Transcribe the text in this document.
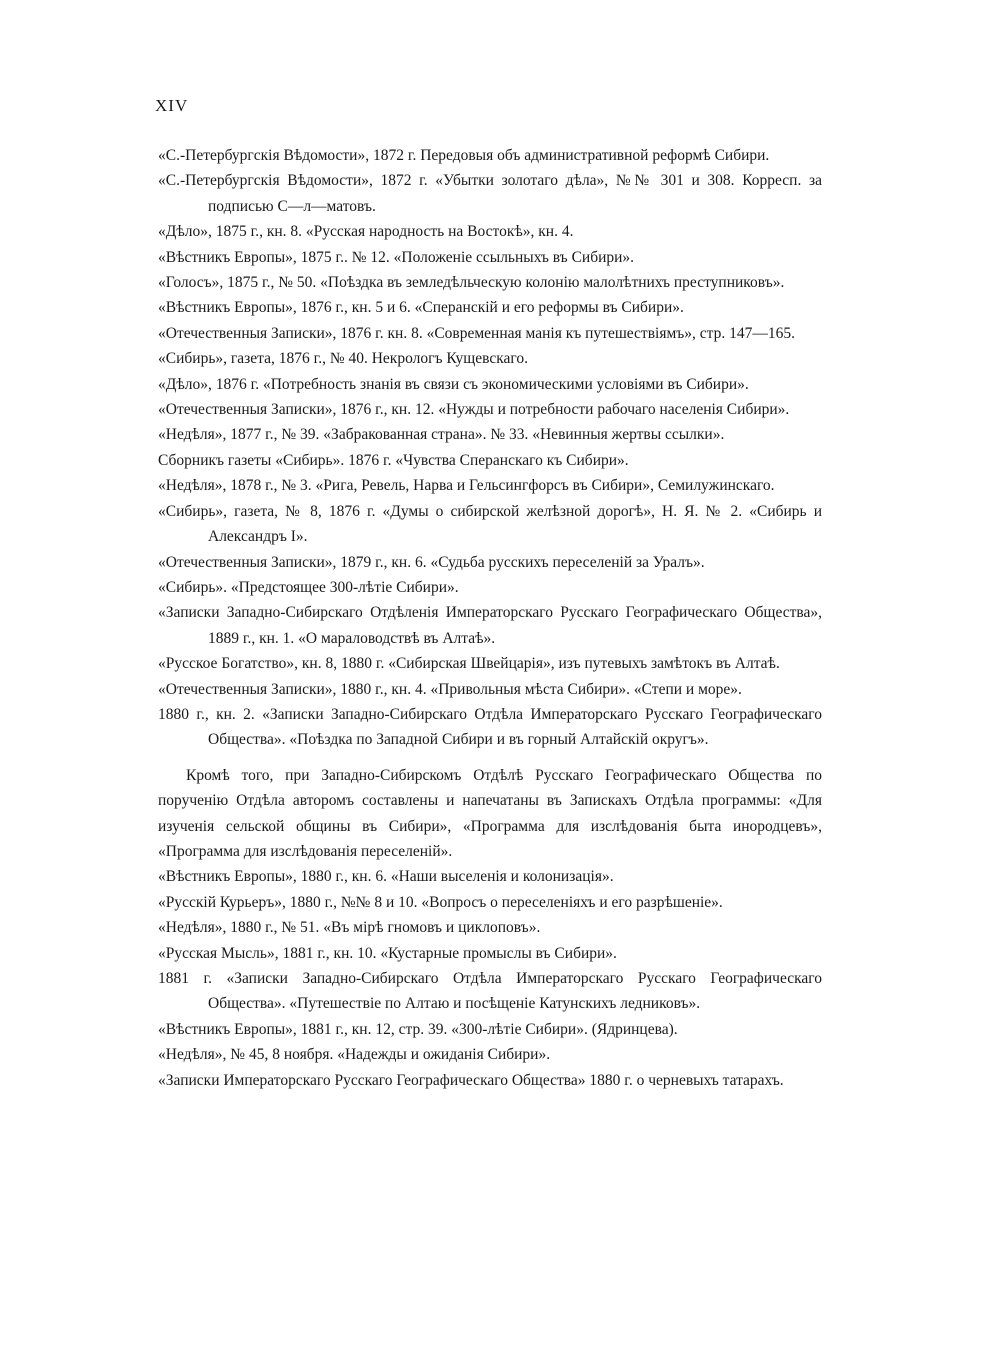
XIV

«С.-Петербургскія Вѣдомости», 1872 г. Передовыя объ административной реформѣ Сибири.

«С.-Петербургскія Вѣдомости», 1872 г. «Убытки золотаго дѣла», №№ 301 и 308. Корресп. за подписью С—л—матовъ.

«Дѣло», 1875 г., кн. 8. «Русская народность на Востокѣ», кн. 4.

«Вѣстникъ Европы», 1875 г.. № 12. «Положеніе ссыльныхъ въ Сибири».

«Голосъ», 1875 г., № 50. «Поѣздка въ земледѣльческую колонію малолѣтнихъ преступниковъ».

«Вѣстникъ Европы», 1876 г., кн. 5 и 6. «Сперанскій и его реформы въ Сибири».

«Отечественныя Записки», 1876 г. кн. 8. «Современная манія къ путешествіямъ», стр. 147—165.

«Сибирь», газета, 1876 г., № 40. Некрологъ Кущевскаго.

«Дѣло», 1876 г. «Потребность знанія въ связи съ экономическими условіями въ Сибири».

«Отечественныя Записки», 1876 г., кн. 12. «Нужды и потребности рабочаго населенія Сибири».

«Недѣля», 1877 г., № 39. «Забракованная страна». № 33. «Невинныя жертвы ссылки».

Сборникъ газеты «Сибирь». 1876 г. «Чувства Сперанскаго къ Сибири».

«Недѣля», 1878 г., № 3. «Рига, Ревель, Нарва и Гельсингфорсъ въ Сибири», Семилужинскаго.

«Сибирь», газета, № 8, 1876 г. «Думы о сибирской желѣзной дорогѣ», Н. Я. № 2. «Сибирь и Александръ I».

«Отечественныя Записки», 1879 г., кн. 6. «Судьба русскихъ переселеній за Уралъ».

«Сибирь». «Предстоящее 300-лѣтіе Сибири».

«Записки Западно-Сибирскаго Отдѣленія Императорскаго Русскаго Географическаго Общества», 1889 г., кн. 1. «О мараловодствѣ въ Алтаѣ».

«Русское Богатство», кн. 8, 1880 г. «Сибирская Швейцарія», изъ путевыхъ замѣтокъ въ Алтаѣ.

«Отечественныя Записки», 1880 г., кн. 4. «Привольныя мѣста Сибири». «Степи и море».

1880 г., кн. 2. «Записки Западно-Сибирскаго Отдѣла Императорскаго Русскаго Географическаго Общества». «Поѣздка по Западной Сибири и въ горный Алтайскій округъ».

Кромѣ того, при Западно-Сибирскомъ Отдѣлѣ Русскаго Географическаго Общества по порученію Отдѣла авторомъ составлены и напечатаны въ Запискахъ Отдѣла программы: «Для изученія сельской общины въ Сибири», «Программа для изслѣдованія быта инородцевъ», «Программа для изслѣдованія переселеній».

«Вѣстникъ Европы», 1880 г., кн. 6. «Наши выселенія и колонизація».

«Русскій Курьеръ», 1880 г., №№ 8 и 10. «Вопросъ о переселеніяхъ и его разрѣшеніе».

«Недѣля», 1880 г., № 51. «Въ мірѣ гномовъ и циклоповъ».

«Русская Мысль», 1881 г., кн. 10. «Кустарные промыслы въ Сибири».

1881 г. «Записки Западно-Сибирскаго Отдѣла Императорскаго Русскаго Географическаго Общества». «Путешествіе по Алтаю и посѣщеніе Катунскихъ ледниковъ».

«Вѣстникъ Европы», 1881 г., кн. 12, стр. 39. «300-лѣтіе Сибири». (Ядринцева).

«Недѣля», № 45, 8 ноября. «Надежды и ожиданія Сибири».

«Записки Императорскаго Русскаго Географическаго Общества» 1880 г. о черневыхъ татарахъ.
